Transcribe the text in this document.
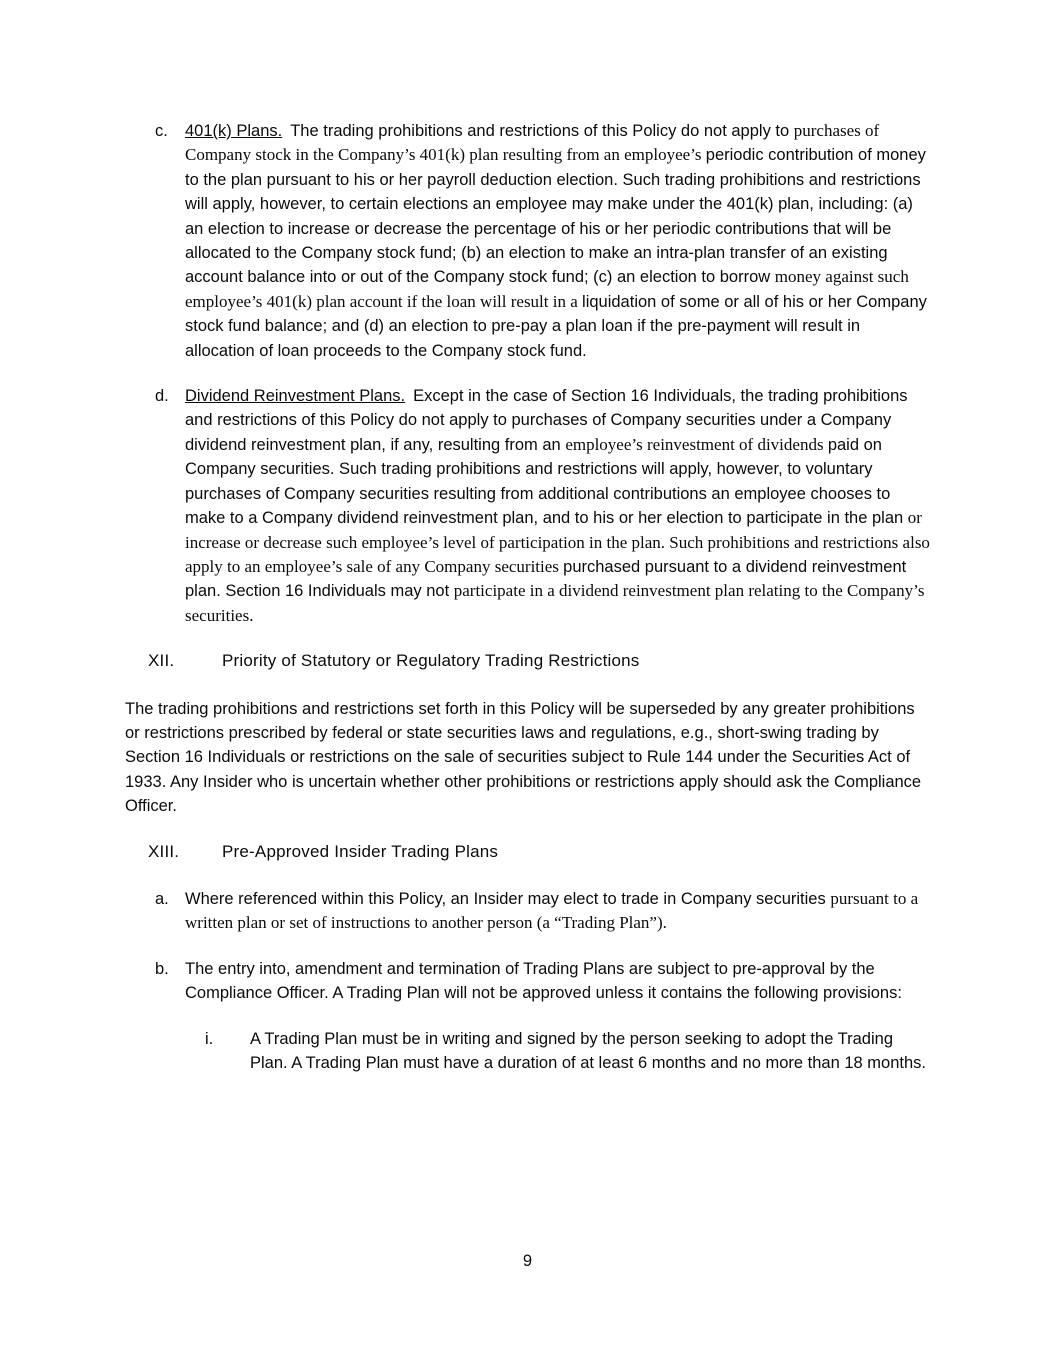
c.	401(k) Plans. The trading prohibitions and restrictions of this Policy do not apply to purchases of Company stock in the Company’s 401(k) plan resulting from an employee’s periodic contribution of money to the plan pursuant to his or her payroll deduction election. Such trading prohibitions and restrictions will apply, however, to certain elections an employee may make under the 401(k) plan, including: (a) an election to increase or decrease the percentage of his or her periodic contributions that will be allocated to the Company stock fund; (b) an election to make an intra-plan transfer of an existing account balance into or out of the Company stock fund; (c) an election to borrow money against such employee’s 401(k) plan account if the loan will result in a liquidation of some or all of his or her Company stock fund balance; and (d) an election to pre-pay a plan loan if the pre-payment will result in allocation of loan proceeds to the Company stock fund.

d. Dividend Reinvestment Plans. Except in the case of Section 16 Individuals, the trading prohibitions and restrictions of this Policy do not apply to purchases of Company securities under a Company dividend reinvestment plan, if any, resulting from an employee’s reinvestment of dividends paid on Company securities. Such trading prohibitions and restrictions will apply, however, to voluntary purchases of Company securities resulting from additional contributions an employee chooses to make to a Company dividend reinvestment plan, and to his or her election to participate in the plan or increase or decrease such employee’s level of participation in the plan. Such prohibitions and restrictions also apply to an employee’s sale of any Company securities purchased pursuant to a dividend reinvestment plan. Section 16 Individuals may not participate in a dividend reinvestment plan relating to the Company’s securities.

XII.	Priority of Statutory or Regulatory Trading Restrictions

The trading prohibitions and restrictions set forth in this Policy will be superseded by any greater prohibitions or restrictions prescribed by federal or state securities laws and regulations, e.g., short-swing trading by Section 16 Individuals or restrictions on the sale of securities subject to Rule 144 under the Securities Act of 1933. Any Insider who is uncertain whether other prohibitions or restrictions apply should ask the Compliance Officer.

XIII.	Pre-Approved Insider Trading Plans
a. Where referenced within this Policy, an Insider may elect to trade in Company securities pursuant to a written plan or set of instructions to another person (a “Trading Plan”).

b. The entry into, amendment and termination of Trading Plans are subject to pre-approval by the Compliance Officer. A Trading Plan will not be approved unless it contains the following provisions:

i.	A Trading Plan must be in writing and signed by the person seeking to adopt the Trading Plan. A Trading Plan must have a duration of at least 6 months and no more than 18 months.

9
